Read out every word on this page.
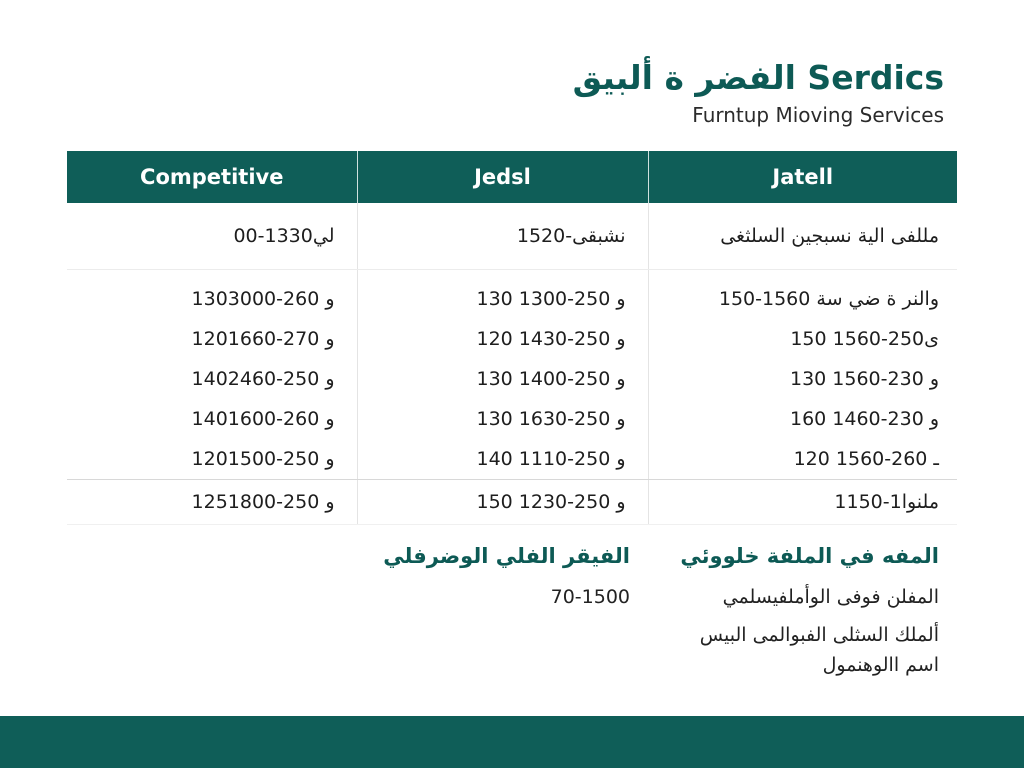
الفضر ة ألبيق Serdics
Furntup Mioving Services
Competitive	Jedsl	Jatell
00-1330لي	1520-نشبقى	مللفى الية نسبجين السلثغى

130ﻭ 260-3000	130 ﻭ 250-1300	150-1560 ﻭالنر ة ضي سة
120ﻭ 270-1660	120 ﻭ 250-1430	150 ﻯ250-1560
140ﻭ 250-2460	130 ﻭ 250-1400	130 ﻭ 230-1560
140ﻭ 260-1600	130 ﻭ 250-1630	160 ﻭ 230-1460
120ﻭ 250-1500	140 ﻭ 250-1110	120 ـ 260-1560
125ﻭ 250-1800	150 ﻭ 250-1230	1150-ملنوا1
الفيقر الفلي الوضرفلي
70-1500
المفه في الملفة خلووئي
المفلن فوفى الوأملفيسلمي
ألملك السثلى الفبوالمى البيس
اسم االوهنمول
